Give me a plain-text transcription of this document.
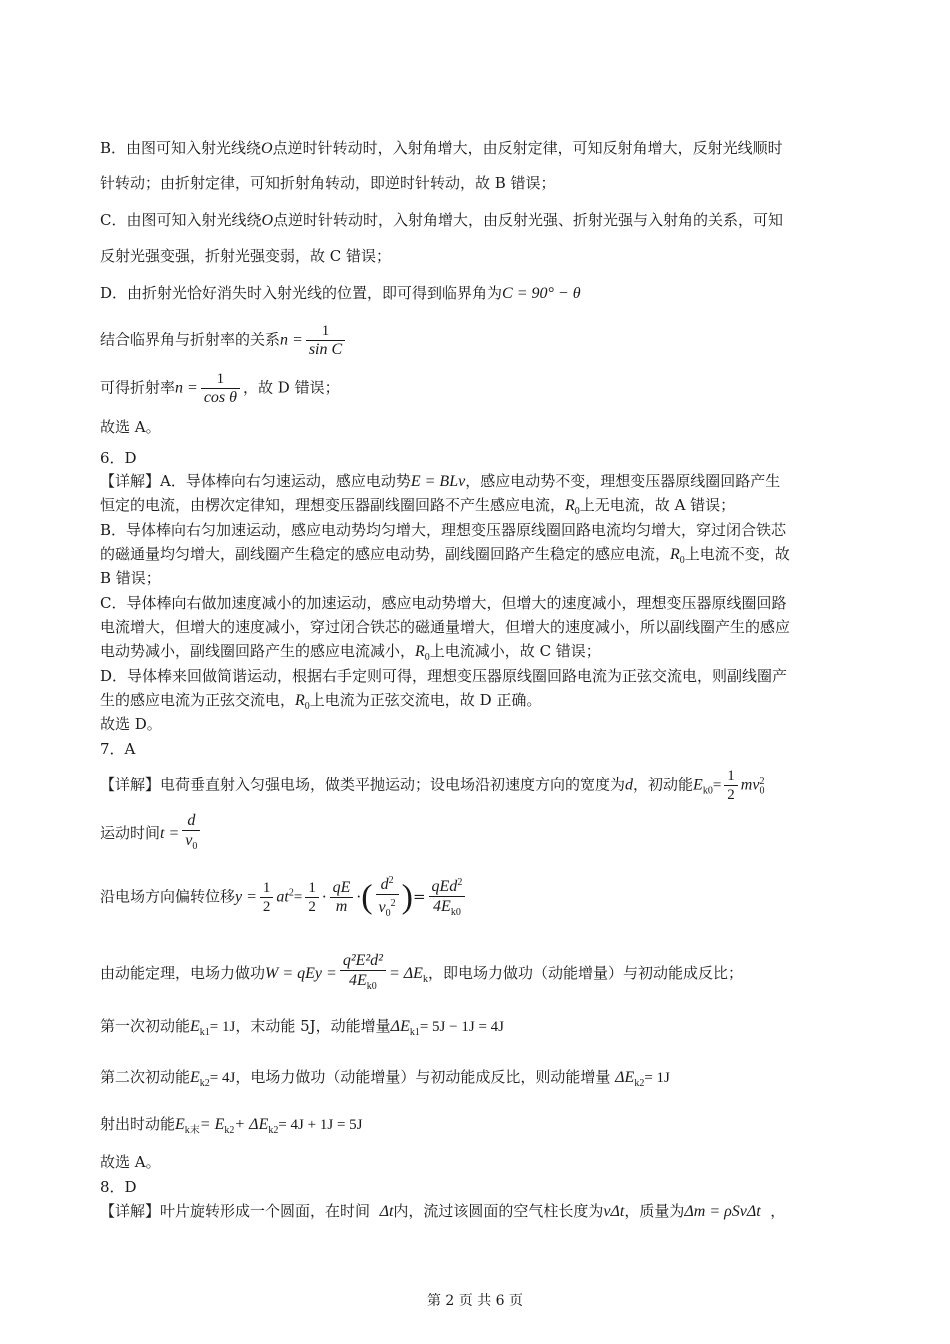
B．由图可知入射光线绕O点逆时针转动时，入射角增大，由反射定律，可知反射角增大，反射光线顺时
针转动；由折射定律，可知折射角转动，即逆时针转动，故 B 错误；
C．由图可知入射光线绕O点逆时针转动时，入射角增大，由反射光强、折射光强与入射角的关系，可知
反射光强变强，折射光强变弱，故 C 错误；
D．由折射光恰好消失时入射光线的位置，即可得到临界角为C = 90° − θ
结合临界角与折射率的关系$n = \frac{1}{\text{sin C}}$
可得折射率$n = \frac{1}{\text{cos θ}}$ ，故 D 错误；
故选 A。
6．D
【详解】A．导体棒向右匀速运动，感应电动势E = BLv，感应电动势不变，理想变压器原线圈回路产生
恒定的电流，由楞次定律知，理想变压器副线圈回路不产生感应电流，$R_0$上无电流，故 A 错误；
B．导体棒向右匀加速运动，感应电动势均匀增大，理想变压器原线圈回路电流均匀增大，穿过闭合铁芯
的磁通量均匀增大，副线圈产生稳定的感应电动势，副线圈回路产生稳定的感应电流，$R_0$上电流不变，故
B 错误；
C．导体棒向右做加速度减小的加速运动，感应电动势增大，但增大的速度减小，理想变压器原线圈回路
电流增大，但增大的速度减小，穿过闭合铁芯的磁通量增大，但增大的速度减小，所以副线圈产生的感应
电动势减小，副线圈回路产生的感应电流减小，$R_0$上电流减小，故 C 错误；
D．导体棒来回做简谐运动，根据右手定则可得，理想变压器原线圈回路电流为正弦交流电，则副线圈产
生的感应电流为正弦交流电，$R_0$上电流为正弦交流电，故 D 正确。
故选 D。
7．A
【详解】电荷垂直射入匀强电场，做类平抛运动；设电场沿初速度方向的宽度为d，初动能$E_{k0}= \frac{1}{2} mv_0^2$
运动时间$t = \frac{d}{v_0}$
沿电场方向偏转位移$y = \frac{1}{2} at^2= \frac{1}{2} \cdot \frac{qE}{m}$ ·( $\frac{d^2}{v_0^2}$ )= $\frac{qEd^2}{4E_{k0}}$
由动能定理，电场力做功W = qEy = $\frac{\text{q²E²d²}}{4E_{k0}} = \Delta E_k$，即电场力做功（动能增量）与初动能成反比；
第一次初动能$E_{k1}= 1J$，末动能 5J，动能增量$\Delta E_{k1}= 5J - 1J = 4J$
第二次初动能$E_{k2}= 4J$，电场力做功（动能增量）与初动能成反比，则动能增量 $\Delta E_{k2}= 1J$
射出时动能$E_{k末}= E_{k2}+ \Delta E_{k2}= 4J + 1J = 5J$
故选 A。
8．D
【详解】叶片旋转形成一个圆面，在时间 Δt内，流过该圆面的空气柱长度为vΔt，质量为Δm = ρSvΔt ，
第 2 页 共 6 页
